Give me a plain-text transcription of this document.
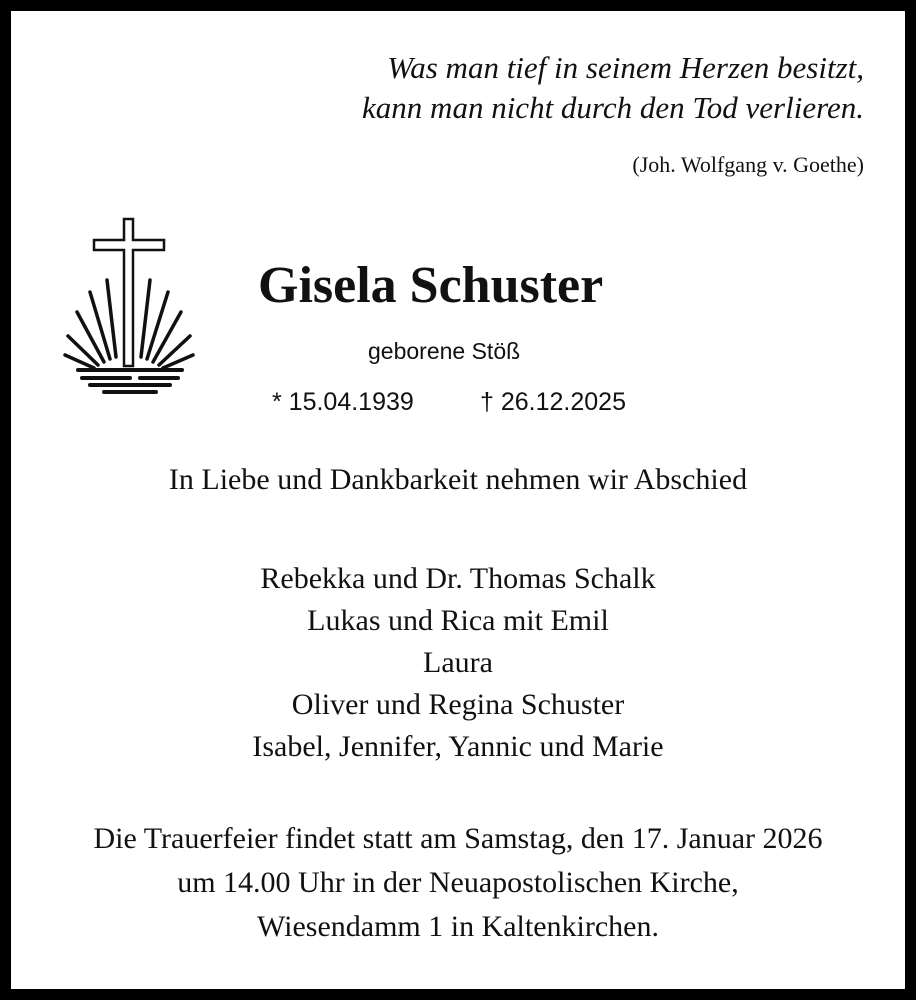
Was man tief in seinem Herzen besitzt,
kann man nicht durch den Tod verlieren.
(Joh. Wolfgang v. Goethe)
Gisela Schuster
geborene Stöß
* 15.04.1939	† 26.12.2025
In Liebe und Dankbarkeit nehmen wir Abschied
Rebekka und Dr. Thomas Schalk
Lukas und Rica mit Emil
Laura
Oliver und Regina Schuster
Isabel, Jennifer, Yannic und Marie
Die Trauerfeier findet statt am Samstag, den 17. Januar 2026
um 14.00 Uhr in der Neuapostolischen Kirche,
Wiesendamm 1 in Kaltenkirchen.
